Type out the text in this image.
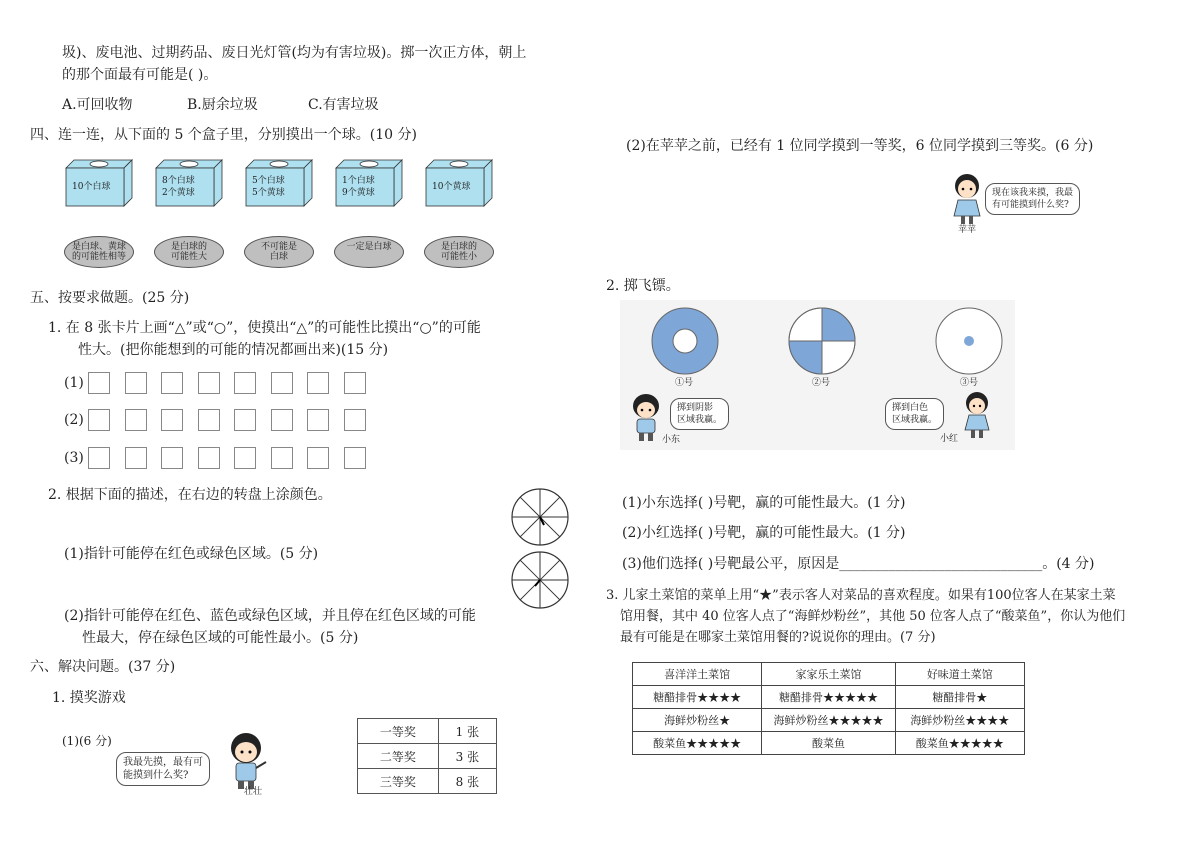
圾)、废电池、过期药品、废日光灯管(均为有害垃圾)。掷一次正方体，朝上
的那个面最有可能是( )。
A.可回收物	B.厨余垃圾	C.有害垃圾
四、连一连，从下面的 5 个盒子里，分别摸出一个球。(10 分)
10个白球
8个白球
2个黄球
5个白球
5个黄球
1个白球
9个黄球
10个黄球
是白球、黄球
的可能性相等
是白球的
可能性大
不可能是
白球
一定是白球	是白球的
可能性小
五、按要求做题。(25 分)
1. 在 8 张卡片上画“△”或“○”，使摸出“△”的可能性比摸出“○”的可能
性大。(把你能想到的可能的情况都画出来)(15 分)
(1)
(2)
(3)
2. 根据下面的描述，在右边的转盘上涂颜色。
(1)指针可能停在红色或绿色区域。(5 分)
(2)指针可能停在红色、蓝色或绿色区域，并且停在红色区域的可能
性最大，停在绿色区域的可能性最小。(5 分)
六、解决问题。(37 分)
1. 摸奖游戏
(1)(6 分)
我最先摸，最有可
能摸到什么奖?
壮壮
一等奖	1 张
二等奖	3 张
三等奖	8 张
(2)在苹苹之前，已经有 1 位同学摸到一等奖，6 位同学摸到三等奖。(6 分)
现在该我来摸，我最
有可能摸到什么奖?
苹苹
2. 掷飞镖。
①号	②号	③号
掷到阴影
区域我赢。
小东
掷到白色
区域我赢。
小红
(1)小东选择( )号靶，赢的可能性最大。(1 分)
(2)小红选择( )号靶，赢的可能性最大。(1 分)
(3)他们选择( )号靶最公平，原因是_____________________________。(4 分)
3. 儿家土菜馆的菜单上用“★”表示客人对菜品的喜欢程度。如果有100位客人在某家土菜
馆用餐，其中 40 位客人点了“海鲜炒粉丝”，其他 50 位客人点了“酸菜鱼”，你认为他们
最有可能是在哪家土菜馆用餐的?说说你的理由。(7 分)
喜洋洋土菜馆	家家乐土菜馆	好味道土菜馆
糖醋排骨★★★★	糖醋排骨★★★★★	糖醋排骨★
海鲜炒粉丝★	海鲜炒粉丝★★★★★	海鲜炒粉丝★★★★
酸菜鱼★★★★★	酸菜鱼	酸菜鱼★★★★★
